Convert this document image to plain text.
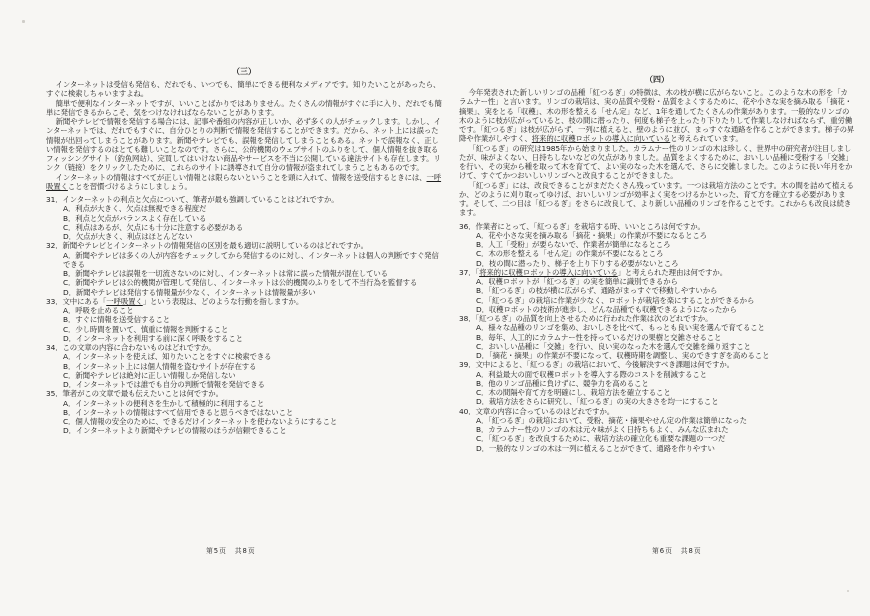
（三）

インターネットは受信も発信も、だれでも、いつでも、簡単にできる便利なメディアです。知りたいことがあったら、すぐに検索しちゃいますよね。

簡単で便利なインターネットですが、いいことばかりではありません。たくさんの情報がすぐに手に入り、だれでも簡単に発信できるからこそ、気をつけなければならないことがあります。

新聞やテレビで情報を発信する場合には、記事や番組の内容が正しいか、必ず多くの人がチェックします。しかし、インターネットでは、だれでもすぐに、自分ひとりの判断で情報を発信することができます。だから、ネット上には誤った情報が出回ってしまうことがあります。新聞やテレビでも、誤報を発信してしまうこともある。ネットで誤報なく、正しい情報を発信するのはとても難しいことなのです。さらに、公的機関のウェブサイトのふりをして、個人情報を抜き取るフィッシングサイト（釣魚网站）、完買してはいけない商品やサービスを不当に公開している違法サイトも存在します。リンク（链接）をクリックしたために、これらのサイトに誘導されて自分の情報が盗まれてしまうこともあるのです。

インターネットの情報はすべてが正しい情報とは限らないということを頭に入れて、情報を送受信するときには、一呼吸置くことを習慣づけるようにしましょう。

31．インターネットの利点と欠点について、筆者が最も強調していることはどれですか。

A．利点が大きく、欠点は無視できる程度だ

B．利点と欠点がバランスよく存在している

C．利点はあるが、欠点にも十分に注意する必要がある

D．欠点が大きく、利点はほとんどない

32．新聞やテレビとインターネットの情報発信の区別を最も適切に説明しているのはどれですか。

A．新聞やテレビは多くの人が内容をチェックしてから発信するのに対し、インターネットは個人の判断ですぐ発信できる

B．新聞やテレビは誤報を一切流さないのに対し、インターネットは常に誤った情報が混在している

C．新聞やテレビは公的機関が管理して発信し、インターネットは公的機関のふりをして不当行為を監督する

D．新聞やテレビは発信する情報量が少なく、インターネットは情報量が多い

33．文中にある「一呼吸置く」という表現は、どのような行動を指しますか。

A．呼吸を止めること

B．すぐに情報を送受信すること

C．少し時間を置いて、慎重に情報を判断すること

D．インターネットを利用する前に深く呼吸をすること

34．この文章の内容に合わないものはどれですか。

A．インターネットを使えば、知りたいことをすぐに検索できる

B．インターネット上には個人情報を盗むサイトが存在する

C．新聞やテレビは絶対に正しい情報しか発信しない

D．インターネットでは誰でも自分の判断で情報を発信できる

35．筆者がこの文章で最も伝えたいことは何ですか。

A．インターネットの便利さを生かして積極的に利用すること

B．インターネットの情報はすべて信用できると思うべきではないこと

C．個人情報の安全のために、できるだけインターネットを使わないようにすること

D．インターネットより新聞やテレビの情報のほうが信頼できること

（四）

今年発表された新しいリンゴの品種「紅つるぎ」の特徴は、木の枝が横に広がらないこと。このような木の形を「カラムナー性」と言います。リンゴの栽培は、実の品質や受粉・品質をよくするために、花や小さな実を摘み取る「摘花・摘果」、実をとる「収穫」、木の形を整える「せん定」など、1年を通してたくさんの作業があります。一般的なリンゴの木のように枝が広がっていると、枝の間に潜ったり、何度も梯子を上ったり下りたりして作業しなければならず、重労働です。「紅つるぎ」は枝が広がらず、一列に植えると、壁のように並び、まっすぐな通路を作ることができます。梯子の昇降や作業がしやすく、将来的に収穫ロボットの導入に向いていると考えられています。

「紅つるぎ」の研究は1985年から始まりました。カラムナー性のリンゴの木は珍しく、世界中の研究者が注目しましたが、味がよくない、日持ちしないなどの欠点がありました。品質をよくするために、おいしい品種に受粉する「交雑」を行い、その実から種を取って木を育てて、よい実のなった木を選んで、さらに交雑しました。このように長い年月をかけて、すぐてかつおいしいリンゴへと改良することができました。

「紅つるぎ」には、改良できることがまだたくさん残っています。一つは栽培方法のことです。木の間を詰めて植えるか、どのように刈り取ってゆけば、おいしいリンゴが効率よく実をつけるかといった、育て方を確立する必要があります。そして、二つ目は「紅つるぎ」をさらに改良して、より新しい品種のリンゴを作ることです。これからも改良は続きます。

36．作業者にとって、「紅つるぎ」を栽培する時、いいところは何ですか。

A．花や小さな実を摘み取る「摘花・摘果」の作業が不要になるところ

B．人工「受粉」が要らないで、作業者が簡単になるところ

C．木の形を整える「せん定」の作業が不要になるところ

D．枝の間に潜ったり、梯子を上り下りする必要がないところ

37．「将来的に収穫ロボットの導入に向いている」と考えられた理由は何ですか。

A．収穫ロボットが「紅つるぎ」の実を簡単に識別できるから

B．「紅つるぎ」の枝が横に広がらず、通路がまっすぐで移動しやすいから

C．「紅つるぎ」の栽培に作業が少なく、ロボットが栽培を楽にすることができるから

D．収穫ロボットの技術が進歩し、どんな品種でも収穫できるようになったから

38．「紅つるぎ」の品質を向上させるために行われた作業は次のどれですか。

A．様々な品種のリンゴを集め、おいしさを比べて、もっとも良い実を選んで育てること

B．毎年、人工的にカラムナー性を持っているだけの果樹と交雑させること

C．おいしい品種に「交雑」を行い、良い実のなった木を選んで交雑を繰り返すこと

D．「摘花・摘果」の作業が不要になって、収穫時期を調整し、実のできすぎを高めること

39．文中によると、「紅つるぎ」の栽培において、今後解決すべき課題は何ですか。

A．利益最大の面で収穫ロボットを導入する際のコストを削減すること

B．他のリンゴ品種に負けずに、競争力を高めること

C．木の間隔や育て方を明確にし、栽培方法を確立すること

D．栽培方法をさらに研究し、「紅つるぎ」の実の大きさを均一にすること

40．文章の内容に合っているのはどれですか。

A．「紅つるぎ」の栽培において、受粉、摘花・摘果やせん定の作業は簡単になった

B．カラムナー性のリンゴの木は元々味がよく日持ちもよく、みんな広まれた

C．「紅つるぎ」を改良するために、栽培方法の確立化も重要な課題の一つだ

D．一般的なリンゴの木は一列に植えることができて、通路を作りやすい

第5页　共8页	第6页　共8页
